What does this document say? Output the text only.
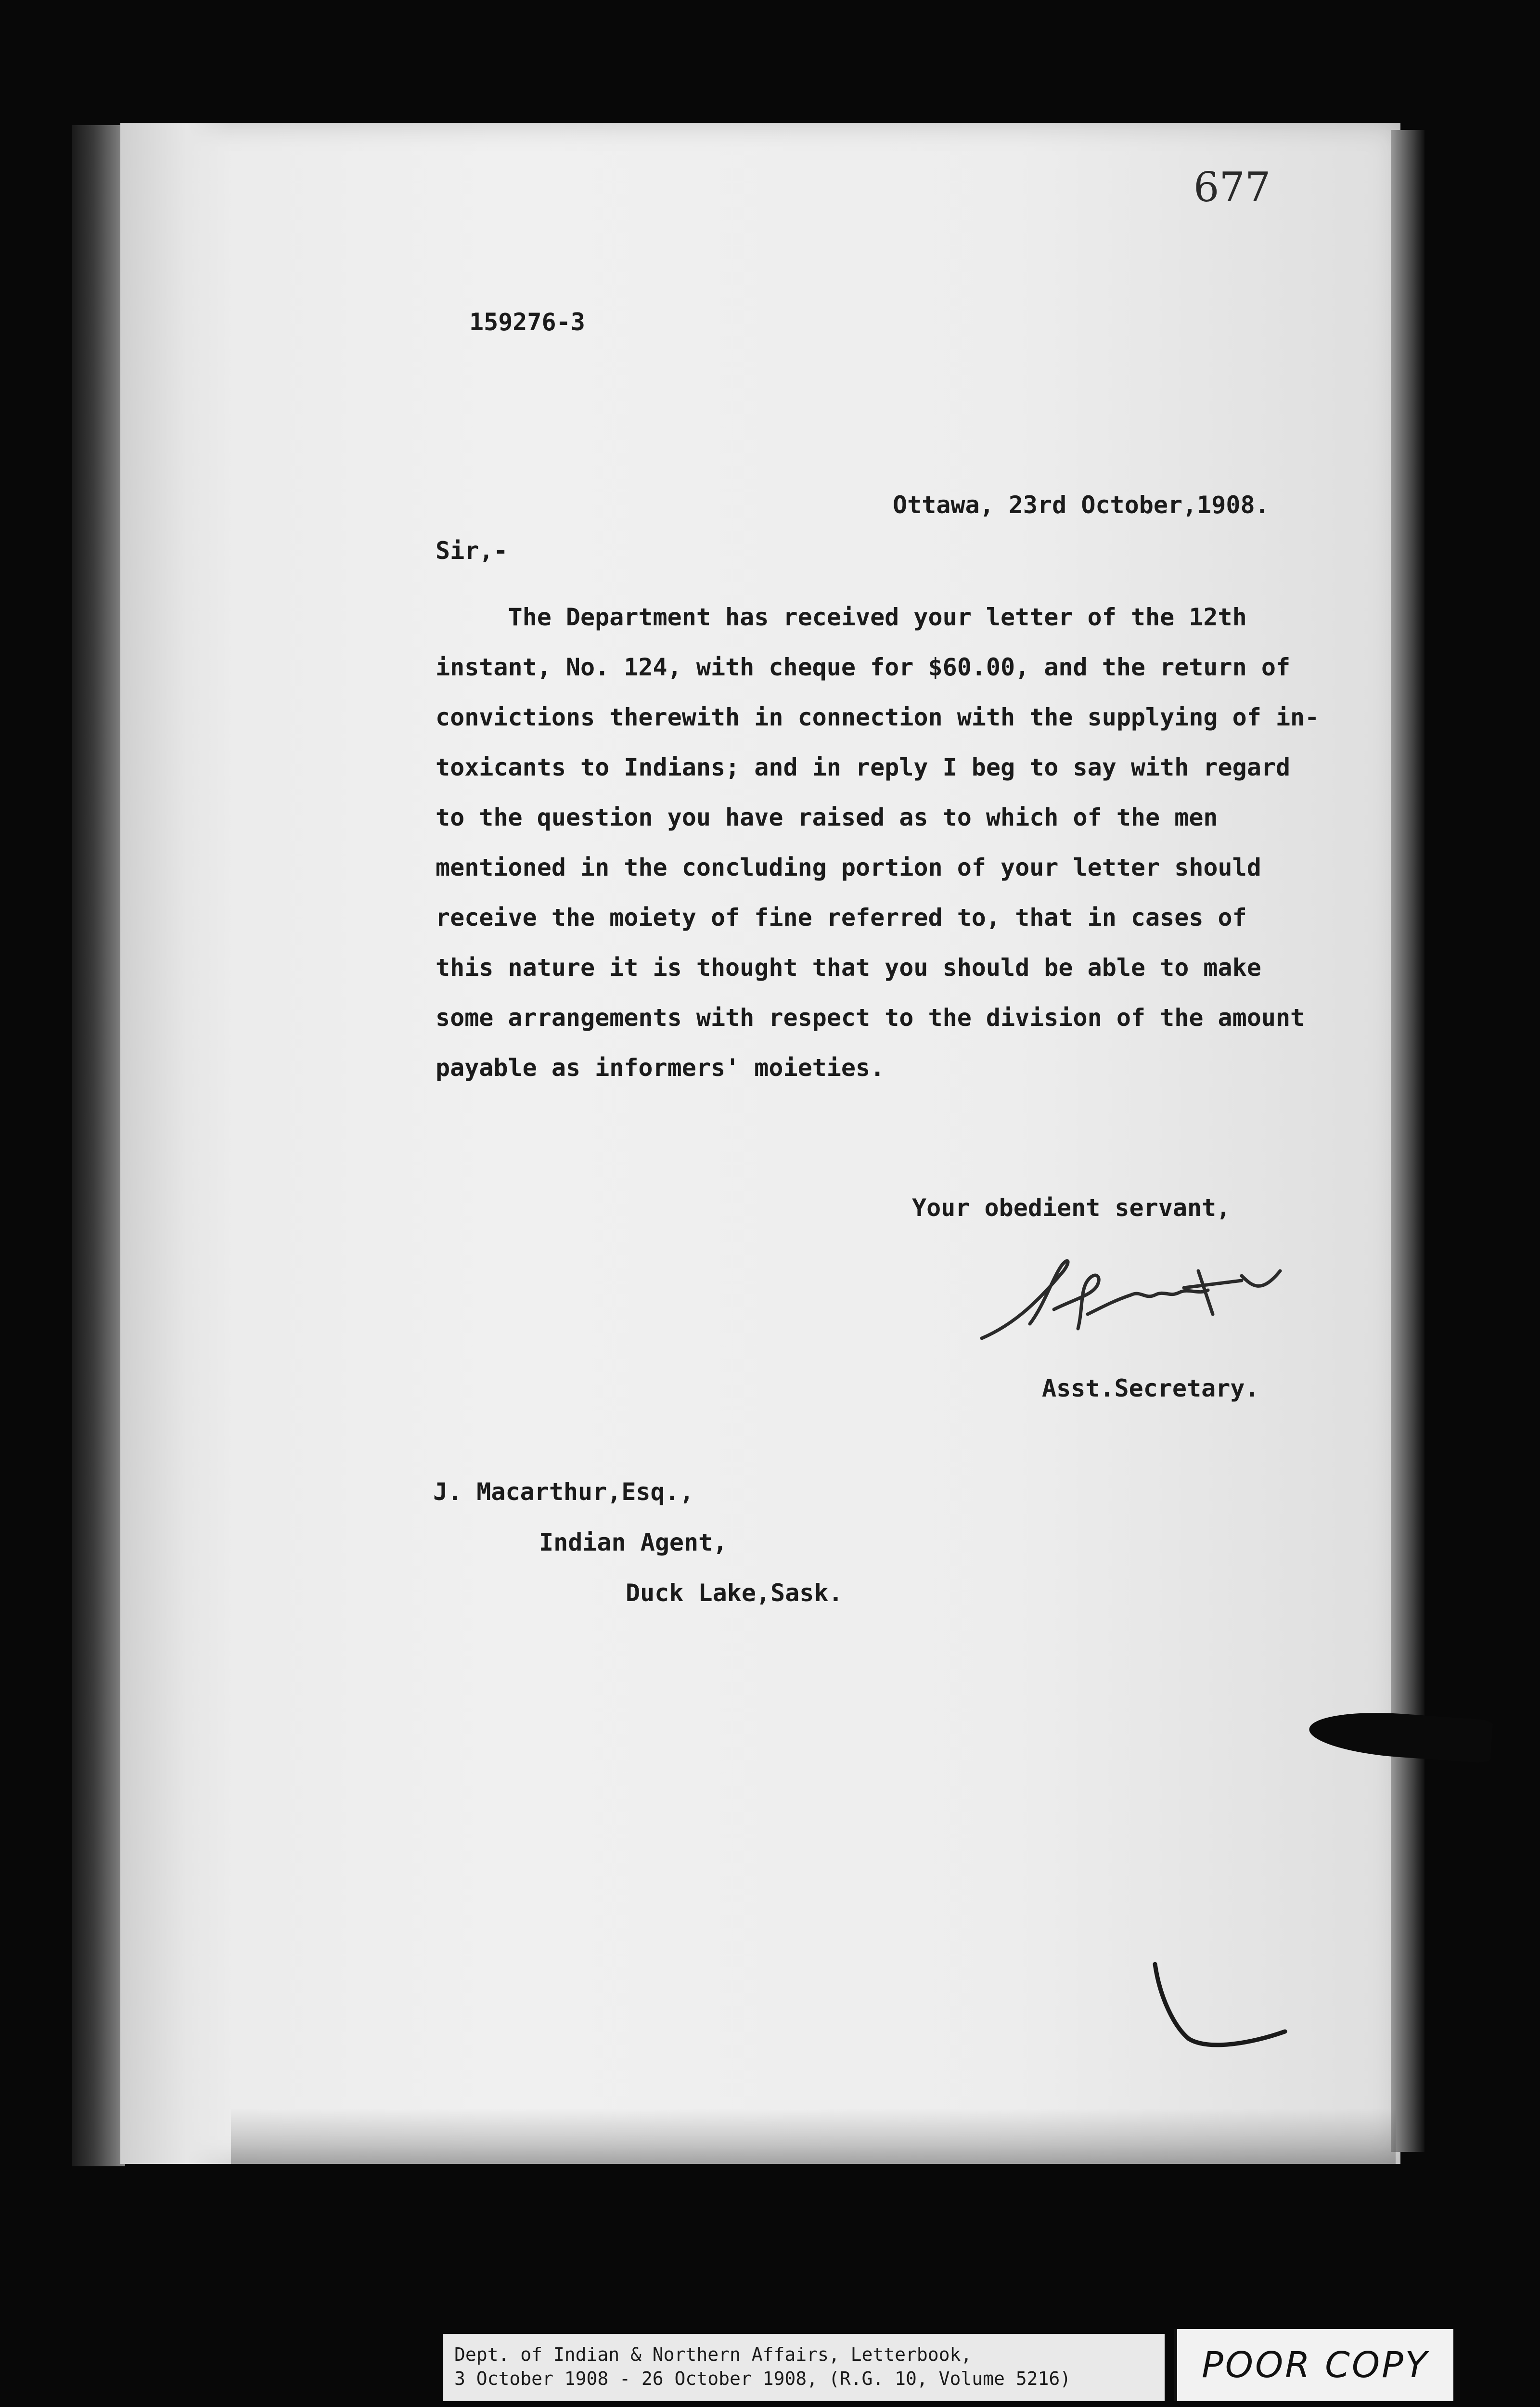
677
159276-3
Ottawa, 23rd October,1908.
Sir,-
The Department has received your letter of the 12th
instant, No. 124, with cheque for $60.00, and the return of
convictions therewith in connection with the supplying of in-
toxicants to Indians; and in reply I beg to say with regard
to the question you have raised as to which of the men
mentioned in the concluding portion of your letter should
receive the moiety of fine referred to, that in cases of
this nature it is thought that you should be able to make
some arrangements with respect to the division of the amount
payable as informers' moieties.
Your obedient servant,
Asst.Secretary.
J. Macarthur,Esq.,
Indian Agent,
Duck Lake,Sask.
Dept. of Indian & Northern Affairs, Letterbook,
3 October 1908 - 26 October 1908, (R.G. 10, Volume 5216)	POOR COPY
